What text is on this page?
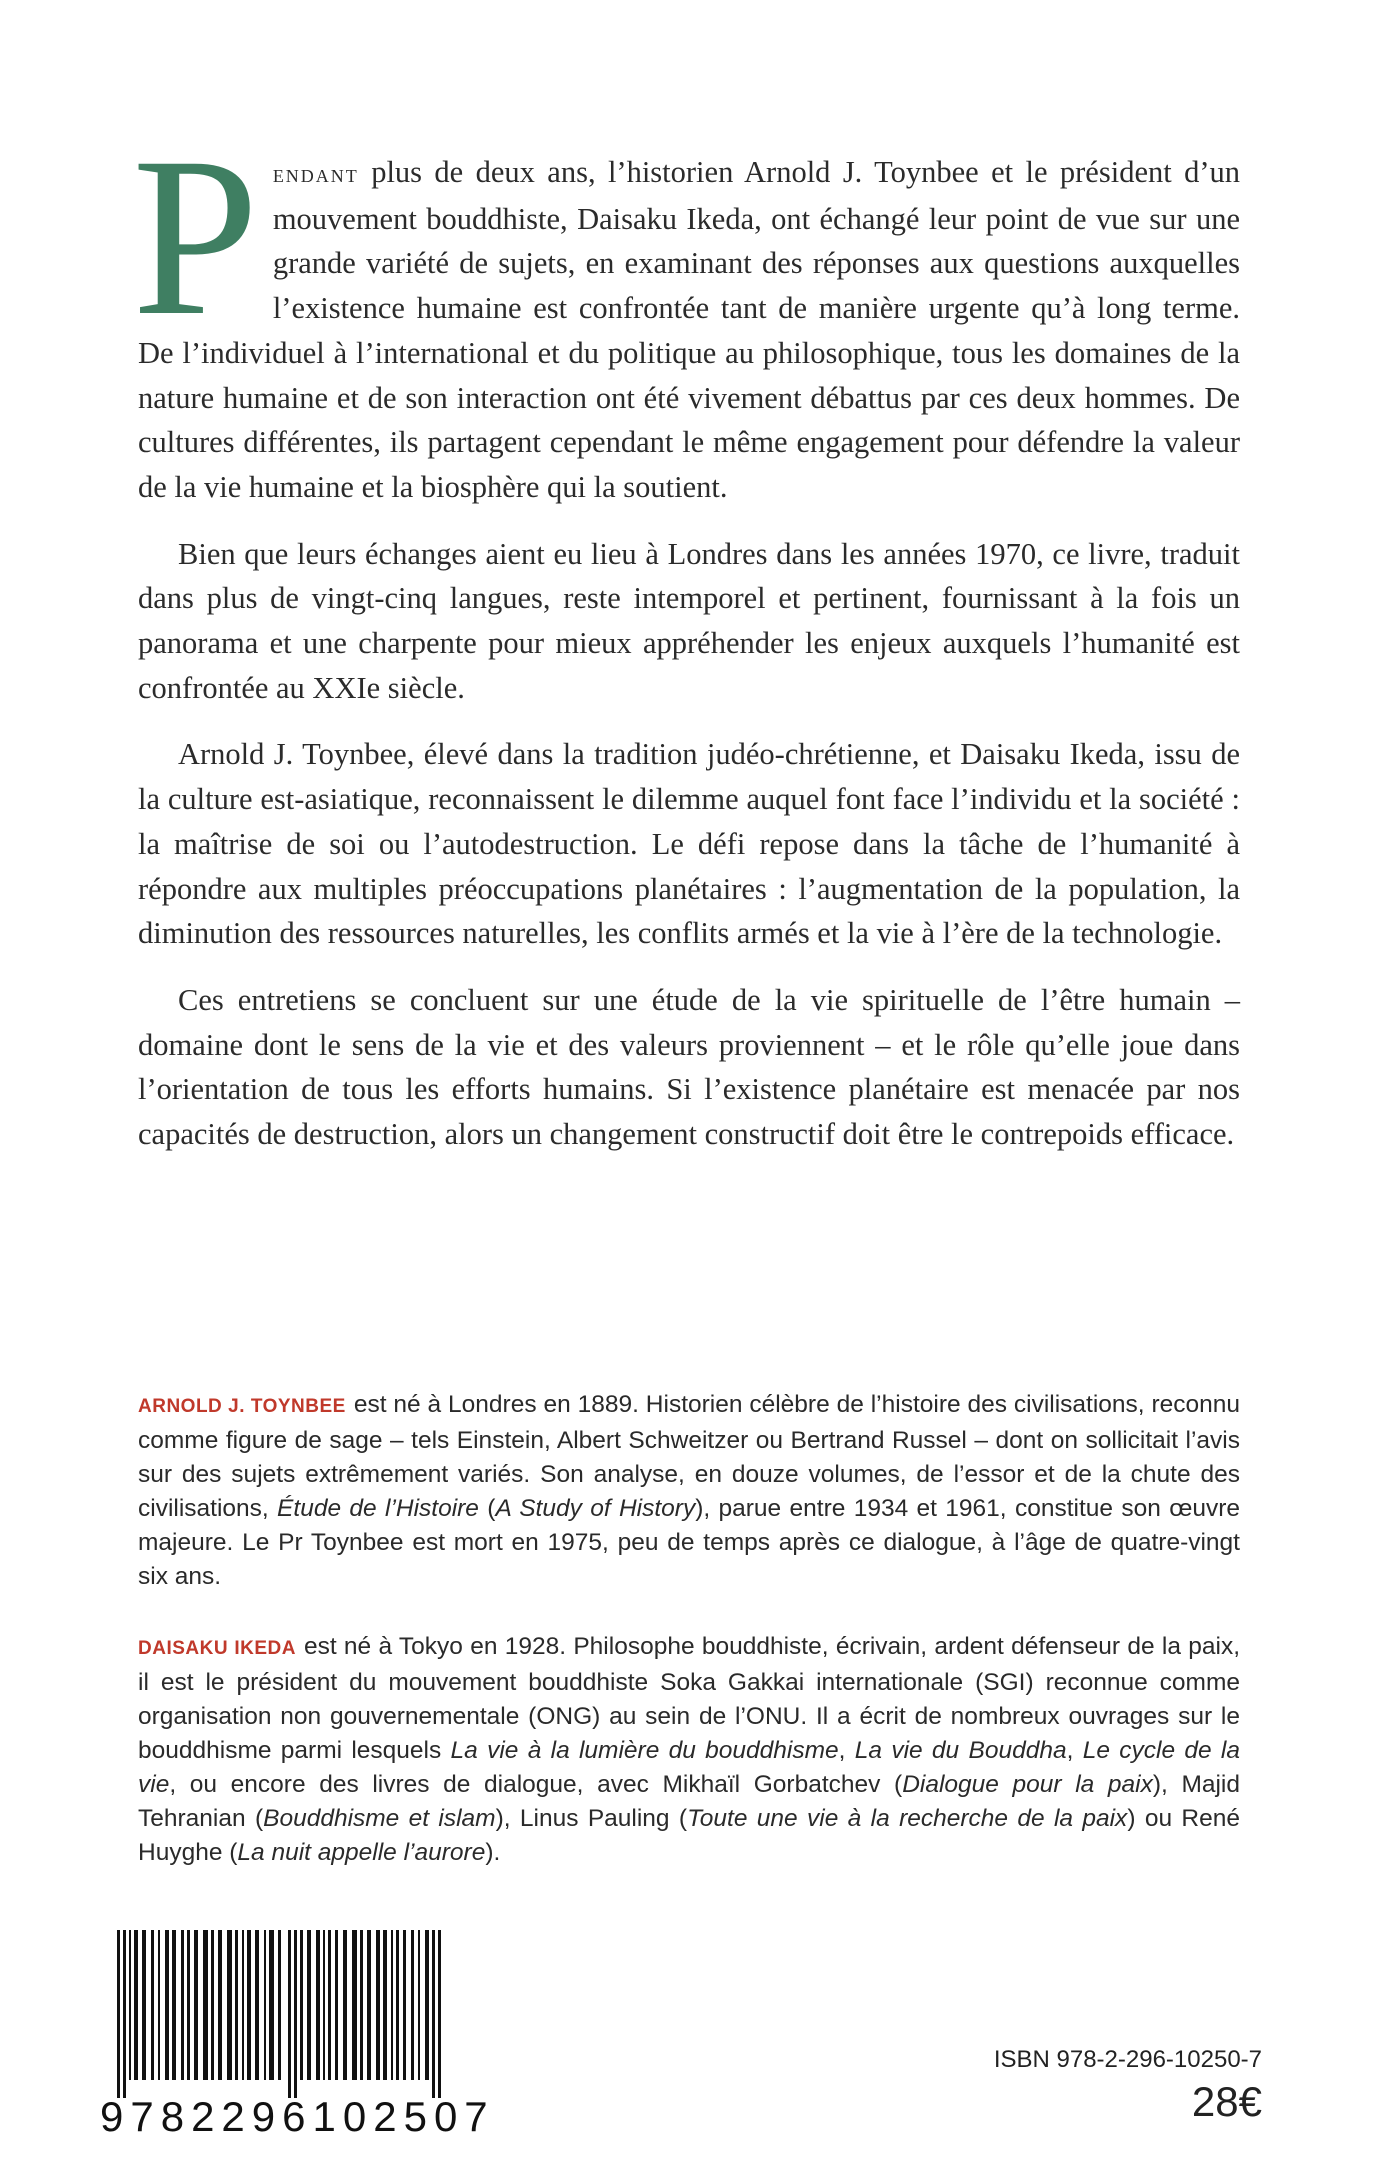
Pendant plus de deux ans, l’historien Arnold J. Toynbee et le président d’un mouvement bouddhiste, Daisaku Ikeda, ont échangé leur point de vue sur une grande variété de sujets, en examinant des réponses aux questions auxquelles l’existence humaine est confrontée tant de manière urgente qu’à long terme. De l’individuel à l’international et du politique au philosophique, tous les domaines de la nature humaine et de son interaction ont été vivement débattus par ces deux hommes. De cultures différentes, ils partagent cependant le même engagement pour défendre la valeur de la vie humaine et la biosphère qui la soutient.

Bien que leurs échanges aient eu lieu à Londres dans les années 1970, ce livre, traduit dans plus de vingt-cinq langues, reste intemporel et pertinent, fournissant à la fois un panorama et une charpente pour mieux appréhender les enjeux auxquels l’humanité est confrontée au XXIe siècle.

Arnold J. Toynbee, élevé dans la tradition judéo-chrétienne, et Daisaku Ikeda, issu de la culture est-asiatique, reconnaissent le dilemme auquel font face l’individu et la société : la maîtrise de soi ou l’autodestruction. Le défi repose dans la tâche de l’humanité à répondre aux multiples préoccupations planétaires : l’augmentation de la population, la diminution des ressources naturelles, les conflits armés et la vie à l’ère de la technologie.

Ces entretiens se concluent sur une étude de la vie spirituelle de l’être humain – domaine dont le sens de la vie et des valeurs proviennent – et le rôle qu’elle joue dans l’orientation de tous les efforts humains. Si l’existence planétaire est menacée par nos capacités de destruction, alors un changement constructif doit être le contrepoids efficace.

ARNOLD J. TOYNBEE est né à Londres en 1889. Historien célèbre de l’histoire des civilisations, reconnu comme figure de sage – tels Einstein, Albert Schweitzer ou Bertrand Russel – dont on sollicitait l’avis sur des sujets extrêmement variés. Son analyse, en douze volumes, de l’essor et de la chute des civilisations, Étude de l’Histoire (A Study of History), parue entre 1934 et 1961, constitue son œuvre majeure. Le Pr Toynbee est mort en 1975, peu de temps après ce dialogue, à l’âge de quatre-vingt six ans.
DAISAKU IKEDA est né à Tokyo en 1928. Philosophe bouddhiste, écrivain, ardent défenseur de la paix, il est le président du mouvement bouddhiste Soka Gakkai internationale (SGI) reconnue comme organisation non gouvernementale (ONG) au sein de l’ONU. Il a écrit de nombreux ouvrages sur le bouddhisme parmi lesquels La vie à la lumière du bouddhisme, La vie du Bouddha, Le cycle de la vie, ou encore des livres de dialogue, avec Mikhaïl Gorbatchev (Dialogue pour la paix), Majid Tehranian (Bouddhisme et islam), Linus Pauling (Toute une vie à la recherche de la paix) ou René Huyghe (La nuit appelle l’aurore).
9782296102507
ISBN 978-2-296-10250-7
28€
